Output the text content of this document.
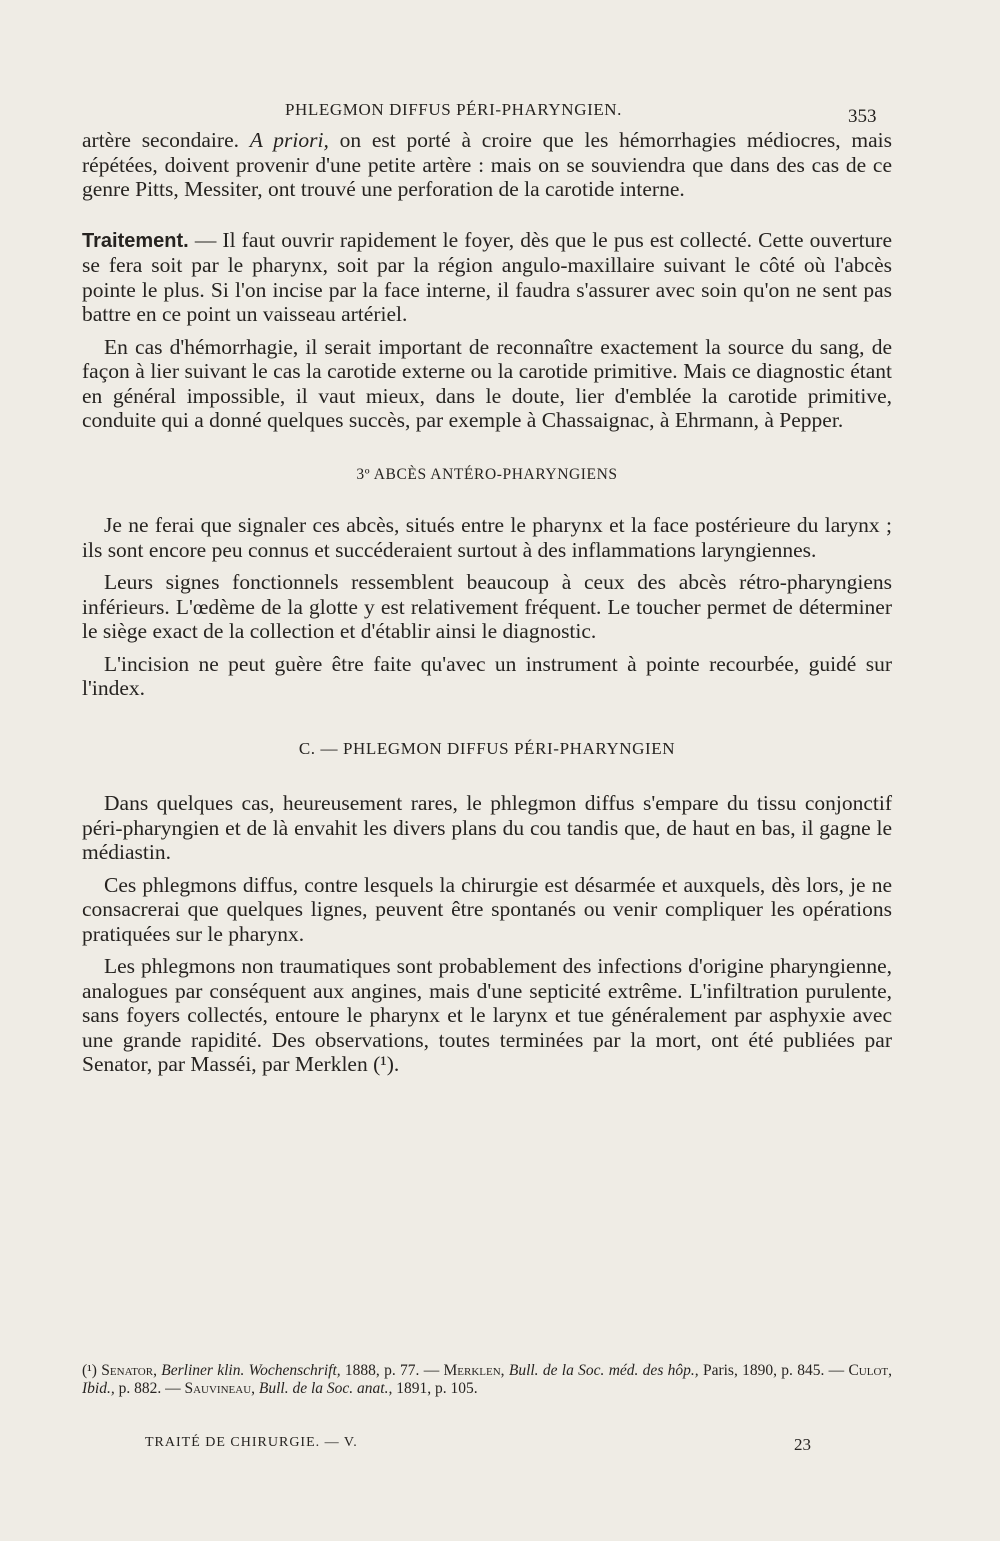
PHLEGMON DIFFUS PÉRI-PHARYNGIEN.	353

artère secondaire. A priori, on est porté à croire que les hémorrhagies médiocres, mais répétées, doivent provenir d'une petite artère : mais on se souviendra que dans des cas de ce genre Pitts, Messiter, ont trouvé une perforation de la carotide interne.

Traitement. — Il faut ouvrir rapidement le foyer, dès que le pus est collecté. Cette ouverture se fera soit par le pharynx, soit par la région angulo-maxillaire suivant le côté où l'abcès pointe le plus. Si l'on incise par la face interne, il faudra s'assurer avec soin qu'on ne sent pas battre en ce point un vaisseau artériel.

En cas d'hémorrhagie, il serait important de reconnaître exactement la source du sang, de façon à lier suivant le cas la carotide externe ou la carotide primitive. Mais ce diagnostic étant en général impossible, il vaut mieux, dans le doute, lier d'emblée la carotide primitive, conduite qui a donné quelques succès, par exemple à Chassaignac, à Ehrmann, à Pepper.

3º ABCÈS ANTÉRO-PHARYNGIENS

Je ne ferai que signaler ces abcès, situés entre le pharynx et la face postérieure du larynx ; ils sont encore peu connus et succéderaient surtout à des inflammations laryngiennes.

Leurs signes fonctionnels ressemblent beaucoup à ceux des abcès rétro-pharyngiens inférieurs. L'œdème de la glotte y est relativement fréquent. Le toucher permet de déterminer le siège exact de la collection et d'établir ainsi le diagnostic.

L'incision ne peut guère être faite qu'avec un instrument à pointe recourbée, guidé sur l'index.

C. — PHLEGMON DIFFUS PÉRI-PHARYNGIEN

Dans quelques cas, heureusement rares, le phlegmon diffus s'empare du tissu conjonctif péri-pharyngien et de là envahit les divers plans du cou tandis que, de haut en bas, il gagne le médiastin.

Ces phlegmons diffus, contre lesquels la chirurgie est désarmée et auxquels, dès lors, je ne consacrerai que quelques lignes, peuvent être spontanés ou venir compliquer les opérations pratiquées sur le pharynx.

Les phlegmons non traumatiques sont probablement des infections d'origine pharyngienne, analogues par conséquent aux angines, mais d'une septicité extrême. L'infiltration purulente, sans foyers collectés, entoure le pharynx et le larynx et tue généralement par asphyxie avec une grande rapidité. Des observations, toutes terminées par la mort, ont été publiées par Senator, par Masséi, par Merklen (¹).

(¹) Senator, Berliner klin. Wochenschrift, 1888, p. 77. — Merklen, Bull. de la Soc. méd. des hôp., Paris, 1890, p. 845. — Culot, Ibid., p. 882. — Sauvineau, Bull. de la Soc. anat., 1891, p. 105.
TRAITÉ DE CHIRURGIE. — V.	23
